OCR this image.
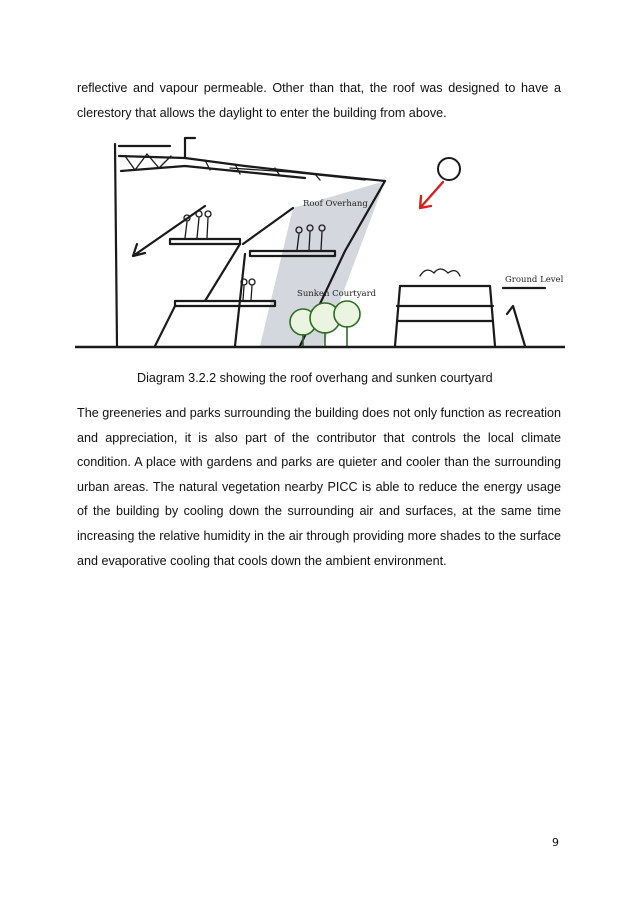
reflective and vapour permeable. Other than that, the roof was designed to have a clerestory that allows the daylight to enter the building from above.

Roof Overhang
Sunken Courtyard
Ground Level

Diagram 3.2.2 showing the roof overhang and sunken courtyard

The greeneries and parks surrounding the building does not only function as recreation and appreciation, it is also part of the contributor that controls the local climate condition. A place with gardens and parks are quieter and cooler than the surrounding urban areas. The natural vegetation nearby PICC is able to reduce the energy usage of the building by cooling down the surrounding air and surfaces, at the same time increasing the relative humidity in the air through providing more shades to the surface and evaporative cooling that cools down the ambient environment.

9
